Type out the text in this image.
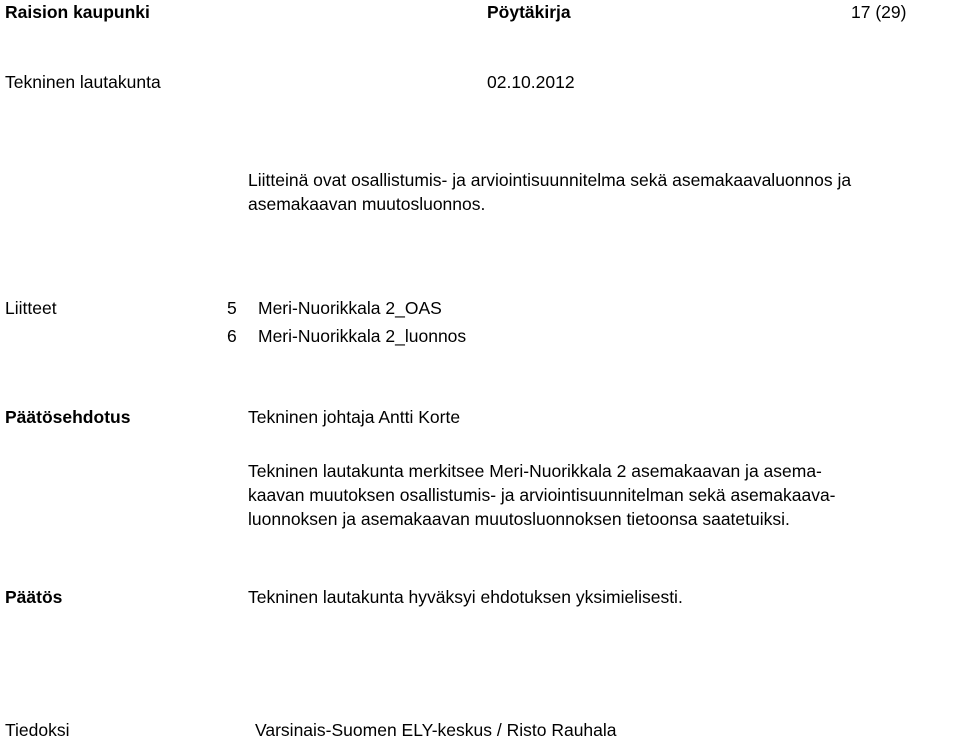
Raision kaupunki	Pöytäkirja	17 (29)
Tekninen lautakunta	02.10.2012
Liitteinä ovat osallistumis- ja arviointisuunnitelma sekä asemakaavaluonnos ja
asemakaavan muutosluonnos.
Liitteet	5 Meri-Nuorikkala 2_OAS
6 Meri-Nuorikkala 2_luonnos
Päätösehdotus	Tekninen johtaja Antti Korte
Tekninen lautakunta merkitsee Meri-Nuorikkala 2 asemakaavan ja asema-
kaavan muutoksen osallistumis- ja arviointisuunnitelman sekä asemakaava-
luonnoksen ja asemakaavan muutosluonnoksen tietoonsa saatetuiksi.
Päätös	Tekninen lautakunta hyväksyi ehdotuksen yksimielisesti.
Tiedoksi	Varsinais-Suomen ELY-keskus / Risto Rauhala
